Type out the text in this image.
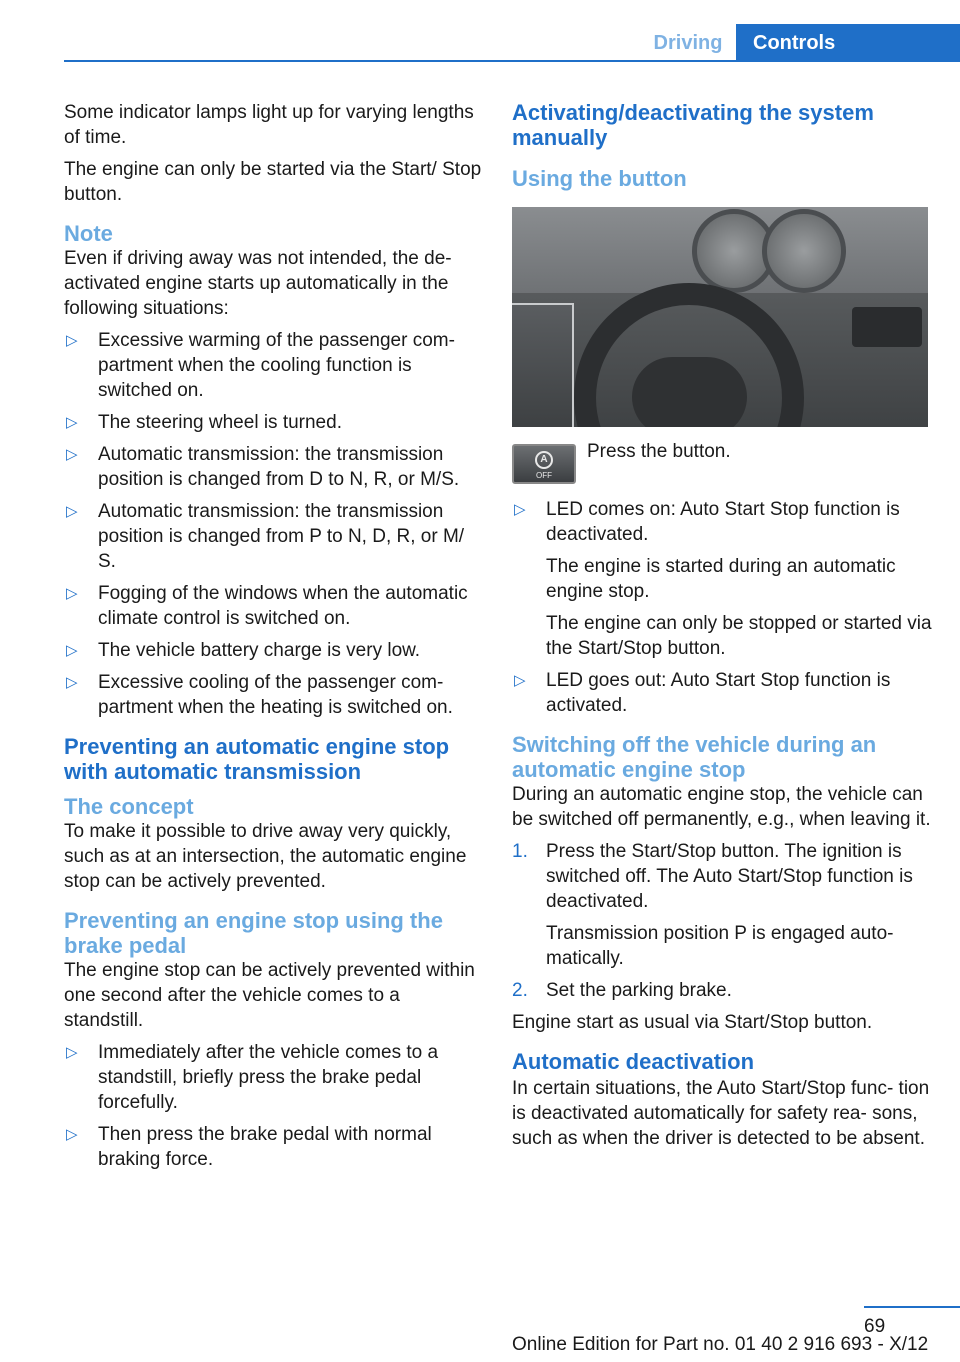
Driving	Controls

Some indicator lamps light up for varying lengths of time.

The engine can only be started via the Start/ Stop button.

Note

Even if driving away was not intended, the de‐ activated engine starts up automatically in the following situations:

▷ Excessive warming of the passenger com‐ partment when the cooling function is switched on.
▷ The steering wheel is turned.
▷ Automatic transmission: the transmission position is changed from D to N, R, or M/S.
▷ Automatic transmission: the transmission position is changed from P to N, D, R, or M/ S.
▷ Fogging of the windows when the automatic climate control is switched on.
▷ The vehicle battery charge is very low.
▷ Excessive cooling of the passenger com‐ partment when the heating is switched on.
Preventing an automatic engine stop with automatic transmission
The concept

To make it possible to drive away very quickly, such as at an intersection, the automatic engine stop can be actively prevented.

Preventing an engine stop using the brake pedal

The engine stop can be actively prevented within one second after the vehicle comes to a standstill.

▷ Immediately after the vehicle comes to a standstill, briefly press the brake pedal forcefully.
▷ Then press the brake pedal with normal braking force.
Activating/deactivating the system manually
Using the button
A
OFF
Press the button.
▷ LED comes on: Auto Start Stop function is deactivated.
The engine is started during an automatic engine stop.
The engine can only be stopped or started via the Start/Stop button.
▷ LED goes out: Auto Start Stop function is activated.
Switching off the vehicle during an automatic engine stop

During an automatic engine stop, the vehicle can be switched off permanently, e.g., when leaving it.

1. Press the Start/Stop button. The ignition is switched off. The Auto Start/Stop function is deactivated.
Transmission position P is engaged auto‐ matically.
2. Set the parking brake.

Engine start as usual via Start/Stop button.

Automatic deactivation

In certain situations, the Auto Start/Stop func‐ tion is deactivated automatically for safety rea‐ sons, such as when the driver is detected to be absent.

69
Online Edition for Part no. 01 40 2 916 693 - X/12
